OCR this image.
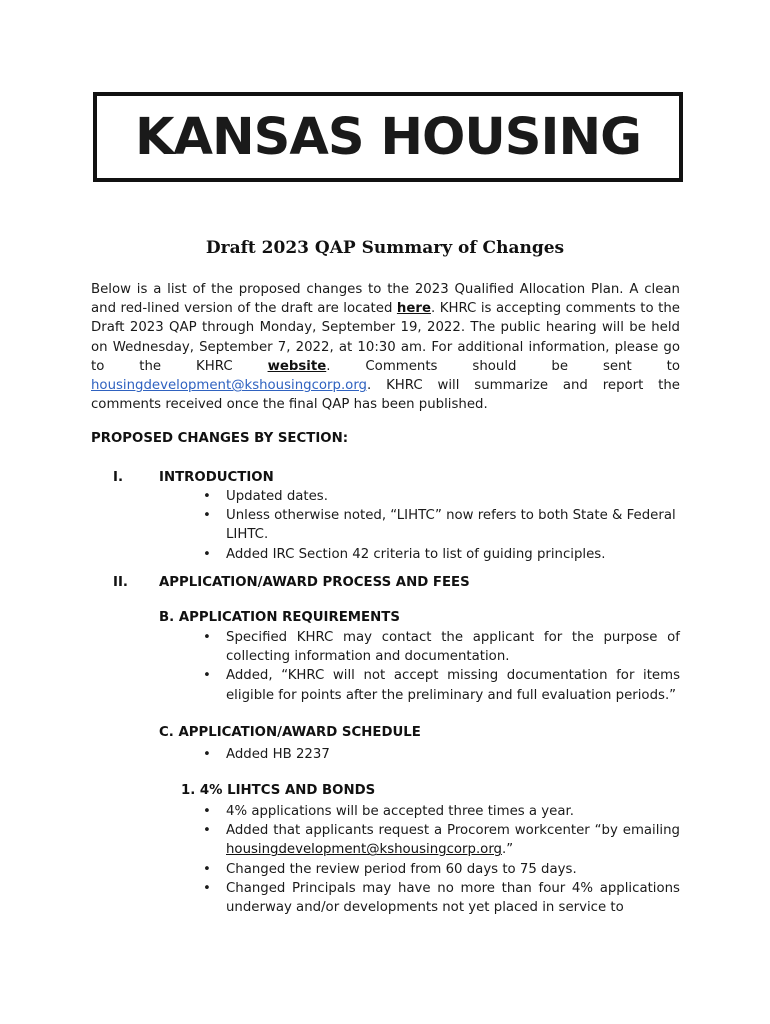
KANSAS HOUSING
Draft 2023 QAP Summary of Changes
Below is a list of the proposed changes to the 2023 Qualified Allocation Plan. A clean and red-lined version of the draft are located here. KHRC is accepting comments to the Draft 2023 QAP through Monday, September 19, 2022. The public hearing will be held on Wednesday, September 7, 2022, at 10:30 am. For additional information, please go to the KHRC website. Comments should be sent to housingdevelopment@kshousingcorp.org. KHRC will summarize and report the comments received once the final QAP has been published.
PROPOSED CHANGES BY SECTION:
I.	INTRODUCTION
• Updated dates.
• Unless otherwise noted, “LIHTC” now refers to both State & Federal LIHTC.
• Added IRC Section 42 criteria to list of guiding principles.
II. APPLICATION/AWARD PROCESS AND FEES
B. APPLICATION REQUIREMENTS
• Specified KHRC may contact the applicant for the purpose of collecting information and documentation.
• Added, “KHRC will not accept missing documentation for items eligible for points after the preliminary and full evaluation periods.”
C. APPLICATION/AWARD SCHEDULE
• Added HB 2237
1. 4% LIHTCS AND BONDS
• 4% applications will be accepted three times a year.
• Added that applicants request a Procorem workcenter “by emailing housingdevelopment@kshousingcorp.org.”
• Changed the review period from 60 days to 75 days.
• Changed Principals may have no more than four 4% applications underway and/or developments not yet placed in service to
